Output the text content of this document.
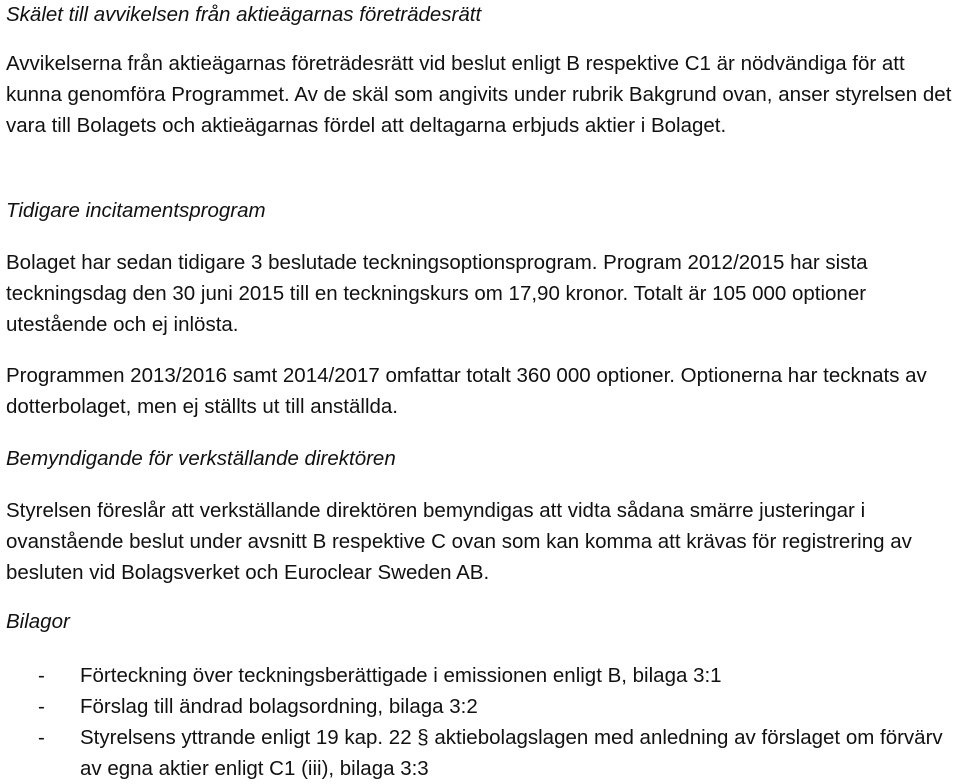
Skälet till avvikelsen från aktieägarnas företrädesrätt

Avvikelserna från aktieägarnas företrädesrätt vid beslut enligt B respektive C1 är nödvändiga för att kunna genomföra Programmet. Av de skäl som angivits under rubrik Bakgrund ovan, anser styrelsen det vara till Bolagets och aktieägarnas fördel att deltagarna erbjuds aktier i Bolaget.

Tidigare incitamentsprogram

Bolaget har sedan tidigare 3 beslutade teckningsoptionsprogram. Program 2012/2015 har sista teckningsdag den 30 juni 2015 till en teckningskurs om 17,90 kronor. Totalt är 105 000 optioner utestående och ej inlösta.

Programmen 2013/2016 samt 2014/2017 omfattar totalt 360 000 optioner. Optionerna har tecknats av dotterbolaget, men ej ställts ut till anställda.

Bemyndigande för verkställande direktören

Styrelsen föreslår att verkställande direktören bemyndigas att vidta sådana smärre justeringar i ovanstående beslut under avsnitt B respektive C ovan som kan komma att krävas för registrering av besluten vid Bolagsverket och Euroclear Sweden AB.

Bilagor
- Förteckning över teckningsberättigade i emissionen enligt B, bilaga 3:1
- Förslag till ändrad bolagsordning, bilaga 3:2
- Styrelsens yttrande enligt 19 kap. 22 § aktiebolagslagen med anledning av förslaget om förvärv av egna aktier enligt C1 (iii), bilaga 3:3
